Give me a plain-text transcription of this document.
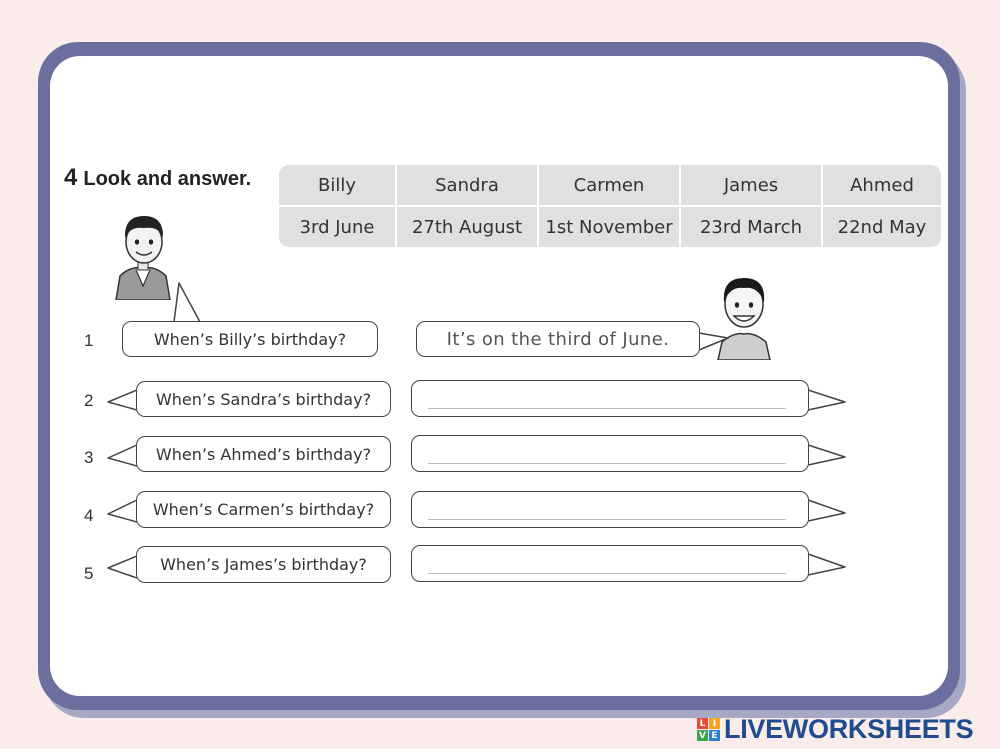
4 Look and answer.	Billy	Sandra	Carmen	James	Ahmed
3rd June	27th August	1st November	23rd March	22nd May
1	When’s Billy’s birthday?	It’s on the third of June.
2	When’s Sandra’s birthday?
3	When’s Ahmed’s birthday?
4	When’s Carmen’s birthday?
5	When’s James’s birthday?
L I
V E LIVEWORKSHEETS
